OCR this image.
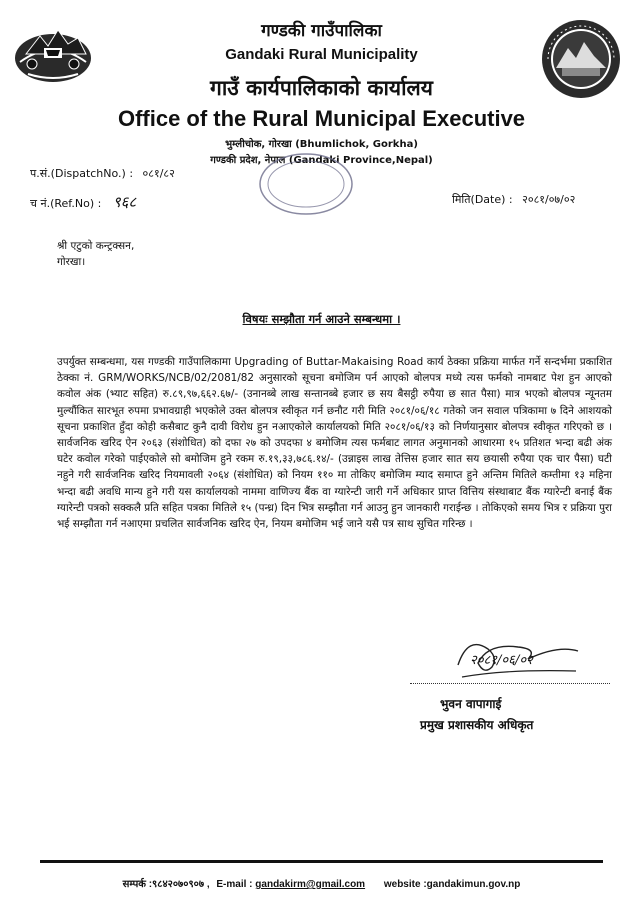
गण्डकी गाउँपालिका
Gandaki Rural Municipality
गाउँ कार्यपालिकाको कार्यालय
Office of the Rural Municipal Executive
भुम्लीचोक, गोरखा (Bhumlichok, Gorkha)
गण्डकी प्रदेश, नेपाल (Gandaki Province,Nepal)
प.सं.(DispatchNo.) : ०८१/८२
च नं.(Ref.No) : ९६८	मिति(Date) : २०८१/०७/०२
श्री एटुको कन्ट्रक्सन,
गोरखा।
विषयः सम्झौता गर्न आउने सम्बन्धमा ।
उपर्युक्त सम्बन्धमा, यस गण्डकी गाउँपालिकामा Upgrading of Buttar-Makaising Road कार्य ठेक्का प्रक्रिया मार्फत गर्ने सन्दर्भमा प्रकाशित ठेक्का नं. GRM/WORKS/NCB/02/2081/82 अनुसारको सूचना बमोजिम पर्न आएको बोलपत्र मध्ये त्यस फर्मको नामबाट पेश हुन आएको कवोल अंक (भ्याट सहित) रु.८९,९७,६६२.६७/- (उनानब्बे लाख सन्तानब्बे हजार छ सय बैसट्ठी रुपैया छ सात पैसा) मात्र भएको बोलपत्र न्यूनतम मुल्यौंकित सारभूत रुपमा प्रभावग्राही भएकोले उक्त बोलपत्र स्वीकृत गर्न छनौट गरी मिति २०८१/०६/१८ गतेको जन सवाल पत्रिकामा ७ दिने आशयको सूचना प्रकाशित हुँदा कोही कसैबाट कुनै दावी विरोध हुन नआएकोले कार्यालयको मिति २०८१/०६/१३ को निर्णयानुसार बोलपत्र स्वीकृत गरिएको छ । सार्वजनिक खरिद ऐन २०६३ (संशोधित) को दफा २७ को उपदफा ४ बमोजिम त्यस फर्मबाट लागत अनुमानको आधारमा १५ प्रतिशत भन्दा बढी अंक घटेर कवोल गरेको पाईएकोले सो बमोजिम हुने रकम रु.१९,३३,७८६.१४/- (उन्नाइस लाख तेत्तिस हजार सात सय छयासी रुपैया एक चार पैसा) घटी नहुने गरी सार्वजनिक खरिद नियमावली २०६४ (संशोधित) को नियम ११० मा तोकिए बमोजिम म्याद समाप्त हुने अन्तिम मितिले कम्तीमा १३ महिना भन्दा बढी अवधि मान्य हुने गरी यस कार्यालयको नाममा वाणिज्य बैंक वा ग्यारेन्टी जारी गर्ने अधिकार प्राप्त वित्तिय संस्थाबाट बैंक ग्यारेन्टी बनाई बैंक ग्यारेन्टी पत्रको सक्कलै प्रति सहित पत्रका मितिले १५ (पन्ध्र) दिन भित्र सम्झौता गर्न आउनु हुन जानकारी गराईन्छ । तोकिएको समय भित्र र प्रक्रिया पुरा भई सम्झौता गर्न नआएमा प्रचलित सार्वजनिक खरिद ऐन, नियम बमोजिम भई जाने यसै पत्र साथ सुचित गरिन्छ ।
२०८१/०६/०२
भुवन वापागाई
प्रमुख प्रशासकीय अधिकृत
सम्पर्क :९८४२०७०९०७ , E-mail : gandakirm@gmail.com website :gandakimun.gov.np
